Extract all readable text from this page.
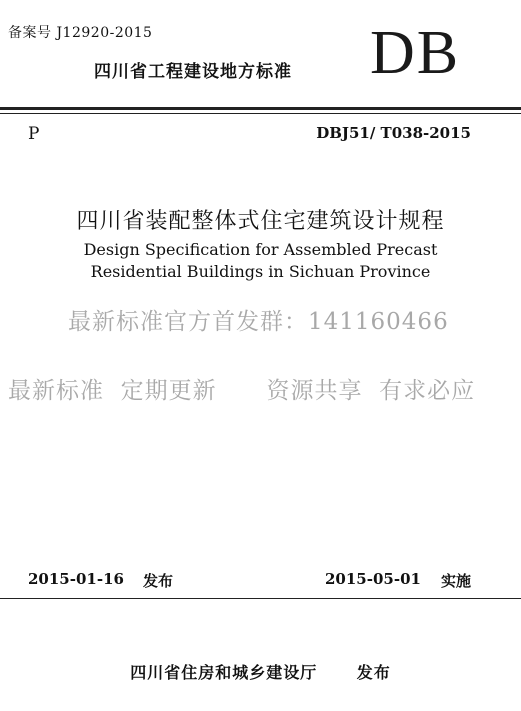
备案号 J12920-2015
四川省工程建设地方标准 DB
P	DBJ51/ T038-2015
四川省装配整体式住宅建筑设计规程
Design Specification for Assembled Precast
Residential Buildings in Sichuan Province
最新标准官方首发群：141160466
最新标准  定期更新      资源共享  有求必应
2015-01-16 发布	2015-05-01 实施
四川省住房和城乡建设厅      发布
